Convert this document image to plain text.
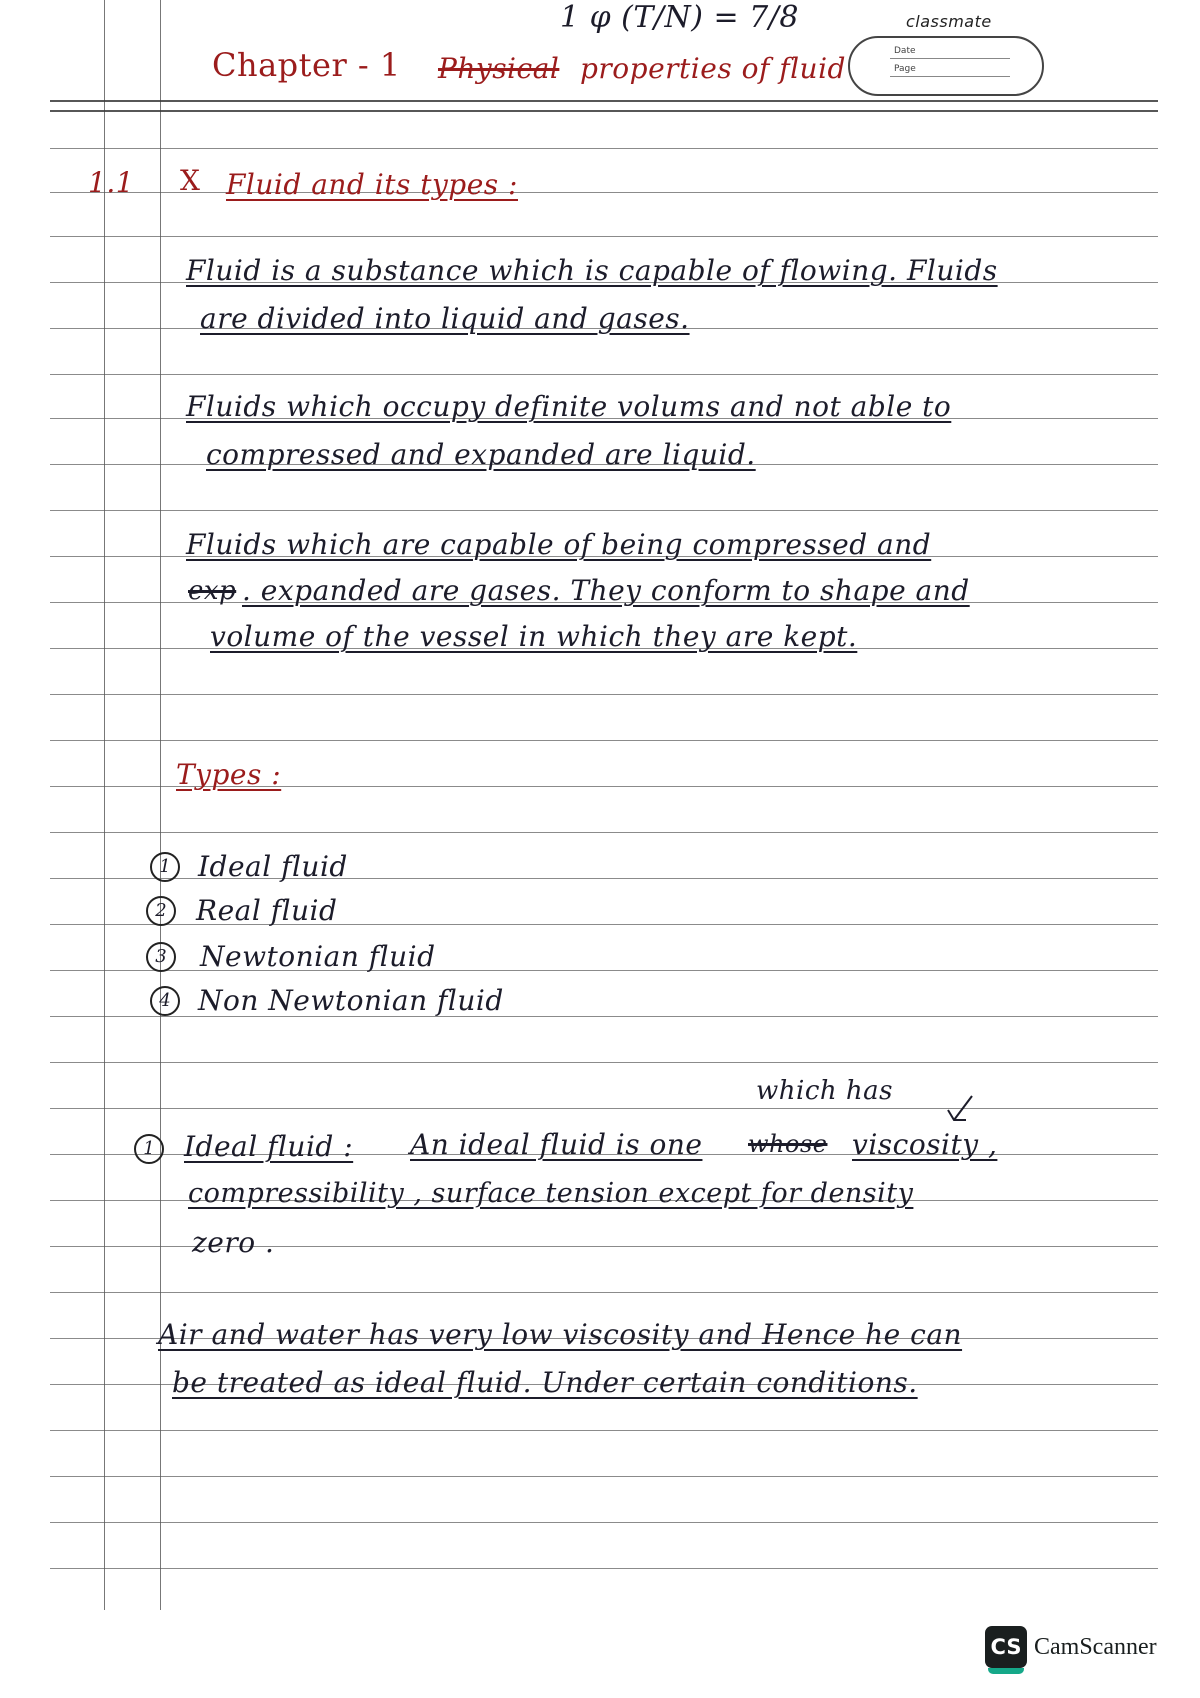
1 φ (T/N) = 7/8	classmate
Date
Page
Chapter - 1 Physical properties of fluid
1.1 X Fluid and its types :
Fluid is a substance which is capable of flowing. Fluids
are divided into liquid and gases.
Fluids which occupy definite volums and not able to
compressed and expanded are liquid.
Fluids which are capable of being compressed and
exp . expanded are gases. They conform to shape and
volume of the vessel in which they are kept.
Types :
1 Ideal fluid
2	Real fluid
3	Newtonian fluid
4 Non Newtonian fluid
which has
1	Ideal fluid : An ideal fluid is one whose viscosity ,
compressibility , surface tension except for density
zero .
Air and water has very low viscosity and Hence he can
be treated as ideal fluid. Under certain conditions.
CS CamScanner
